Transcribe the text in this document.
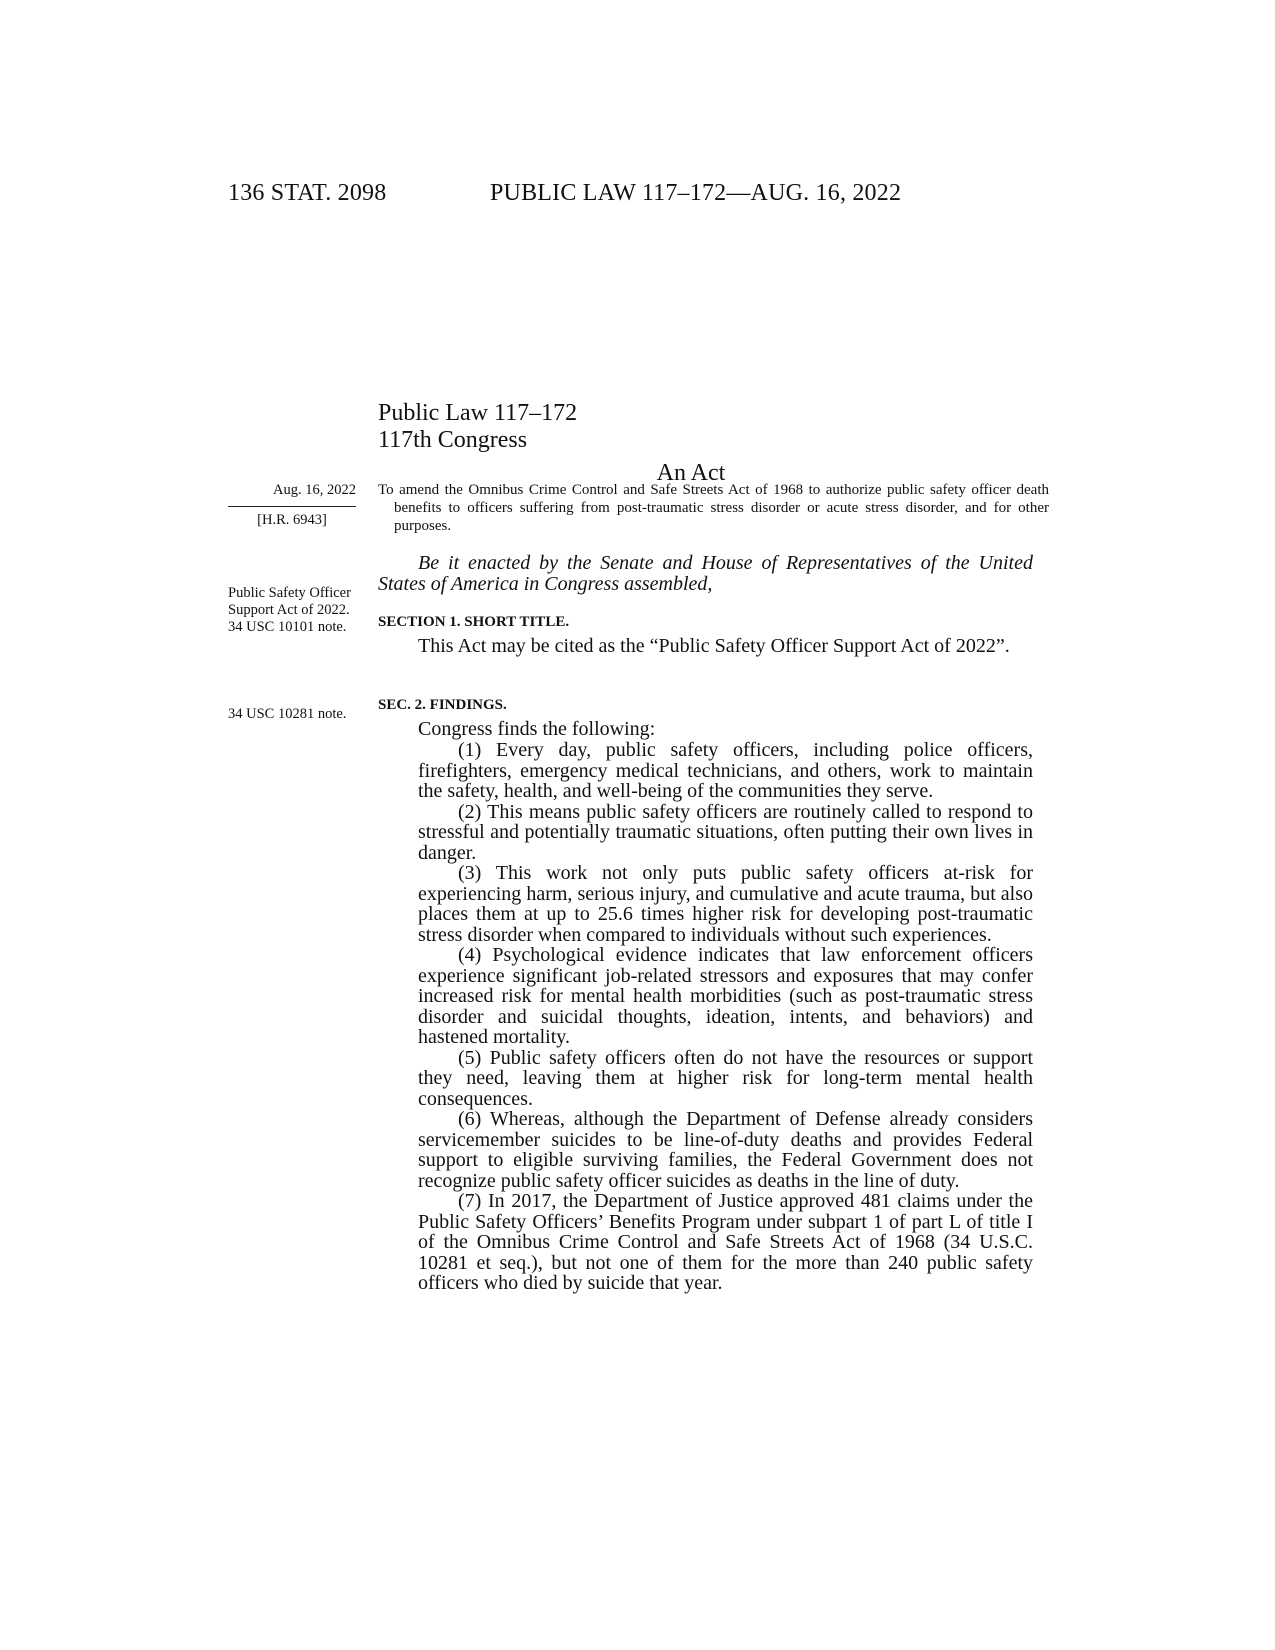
136 STAT. 2098	PUBLIC LAW 117–172—AUG. 16, 2022
Public Law 117–172
117th Congress
An Act
Aug. 16, 2022
[H.R. 6943]
Public Safety Officer Support Act of 2022.
34 USC 10101 note.
34 USC 10281 note.
To amend the Omnibus Crime Control and Safe Streets Act of 1968 to authorize public safety officer death benefits to officers suffering from post-traumatic stress disorder or acute stress disorder, and for other purposes.
Be it enacted by the Senate and House of Representatives of the United States of America in Congress assembled,
SECTION 1. SHORT TITLE.
This Act may be cited as the “Public Safety Officer Support Act of 2022”.
SEC. 2. FINDINGS.
Congress finds the following:

(1) Every day, public safety officers, including police officers, firefighters, emergency medical technicians, and others, work to maintain the safety, health, and well-being of the communities they serve.

(2) This means public safety officers are routinely called to respond to stressful and potentially traumatic situations, often putting their own lives in danger.

(3) This work not only puts public safety officers at-risk for experiencing harm, serious injury, and cumulative and acute trauma, but also places them at up to 25.6 times higher risk for developing post-traumatic stress disorder when compared to individuals without such experiences.

(4) Psychological evidence indicates that law enforcement officers experience significant job-related stressors and exposures that may confer increased risk for mental health morbidities (such as post-traumatic stress disorder and suicidal thoughts, ideation, intents, and behaviors) and hastened mortality.

(5) Public safety officers often do not have the resources or support they need, leaving them at higher risk for long-term mental health consequences.

(6) Whereas, although the Department of Defense already considers servicemember suicides to be line-of-duty deaths and provides Federal support to eligible surviving families, the Federal Government does not recognize public safety officer suicides as deaths in the line of duty.

(7) In 2017, the Department of Justice approved 481 claims under the Public Safety Officers’ Benefits Program under subpart 1 of part L of title I of the Omnibus Crime Control and Safe Streets Act of 1968 (34 U.S.C. 10281 et seq.), but not one of them for the more than 240 public safety officers who died by suicide that year.
